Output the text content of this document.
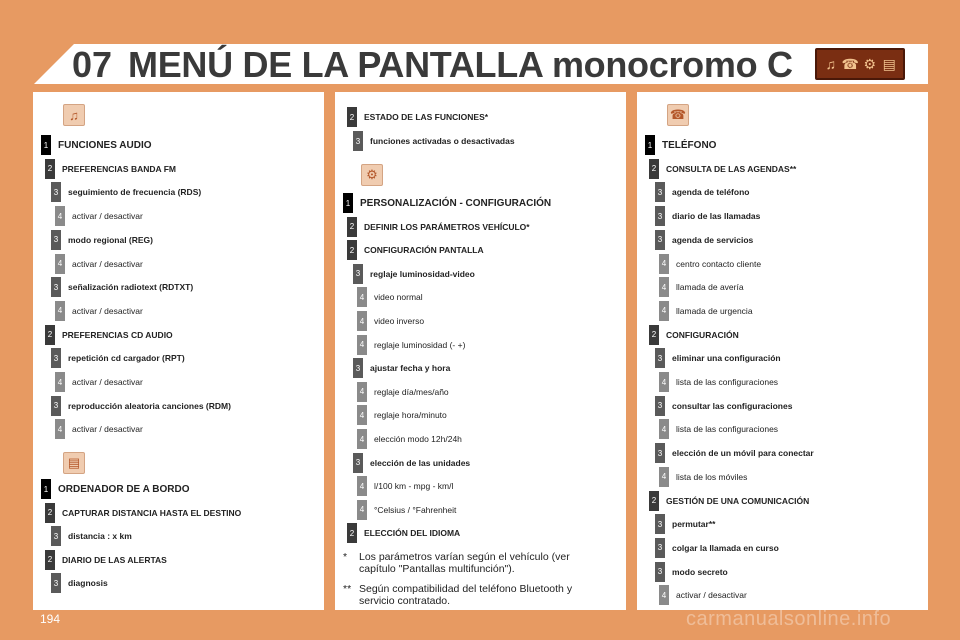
07 MENÚ DE LA PANTALLA monocromo C ♫ ☎ ⚙ ▤
♫
▤
1 FUNCIONES AUDIO
2	PREFERENCIAS BANDA FM
3	seguimiento de frecuencia (RDS)
4	activar / desactivar
3	modo regional (REG)
4	activar / desactivar
3	señalización radiotext (RDTXT)
4	activar / desactivar
2	PREFERENCIAS CD AUDIO
3	repetición cd cargador (RPT)
4	activar / desactivar
3	reproducción aleatoria canciones (RDM)
4	activar / desactivar
1 ORDENADOR DE A BORDO
2	CAPTURAR DISTANCIA HASTA EL DESTINO
3	distancia : x km
2	DIARIO DE LAS ALERTAS
3	diagnosis
⚙
2	ESTADO DE LAS FUNCIONES*
3	funciones activadas o desactivadas
1 PERSONALIZACIÓN - CONFIGURACIÓN
2	DEFINIR LOS PARÁMETROS VEHÍCULO*
2	CONFIGURACIÓN PANTALLA
3	reglaje luminosidad-video
4	video normal
4	video inverso
4	reglaje luminosidad (- +)
3	ajustar fecha y hora
4	reglaje día/mes/año
4	reglaje hora/minuto
4	elección modo 12h/24h
3	elección de las unidades
4	l/100 km - mpg - km/l
4	°Celsius / °Fahrenheit
2	ELECCIÓN DEL IDIOMA
☎
1 TELÉFONO
2	CONSULTA DE LAS AGENDAS**
3	agenda de teléfono
3	diario de las llamadas
3	agenda de servicios
4	centro contacto cliente
4	llamada de avería
4	llamada de urgencia
2	CONFIGURACIÓN
3	eliminar una configuración
4	lista de las configuraciones
3	consultar las configuraciones
4	lista de las configuraciones
3	elección de un móvil para conectar
4	lista de los móviles
2	GESTIÓN DE UNA COMUNICACIÓN
3	permutar**
3	colgar la llamada en curso
3	modo secreto
4	activar / desactivar
* Los parámetros varían según el vehículo (ver
capítulo "Pantallas multifunción").
** Según compatibilidad del teléfono Bluetooth y
servicio contratado.
194	carmanualsonline.info
